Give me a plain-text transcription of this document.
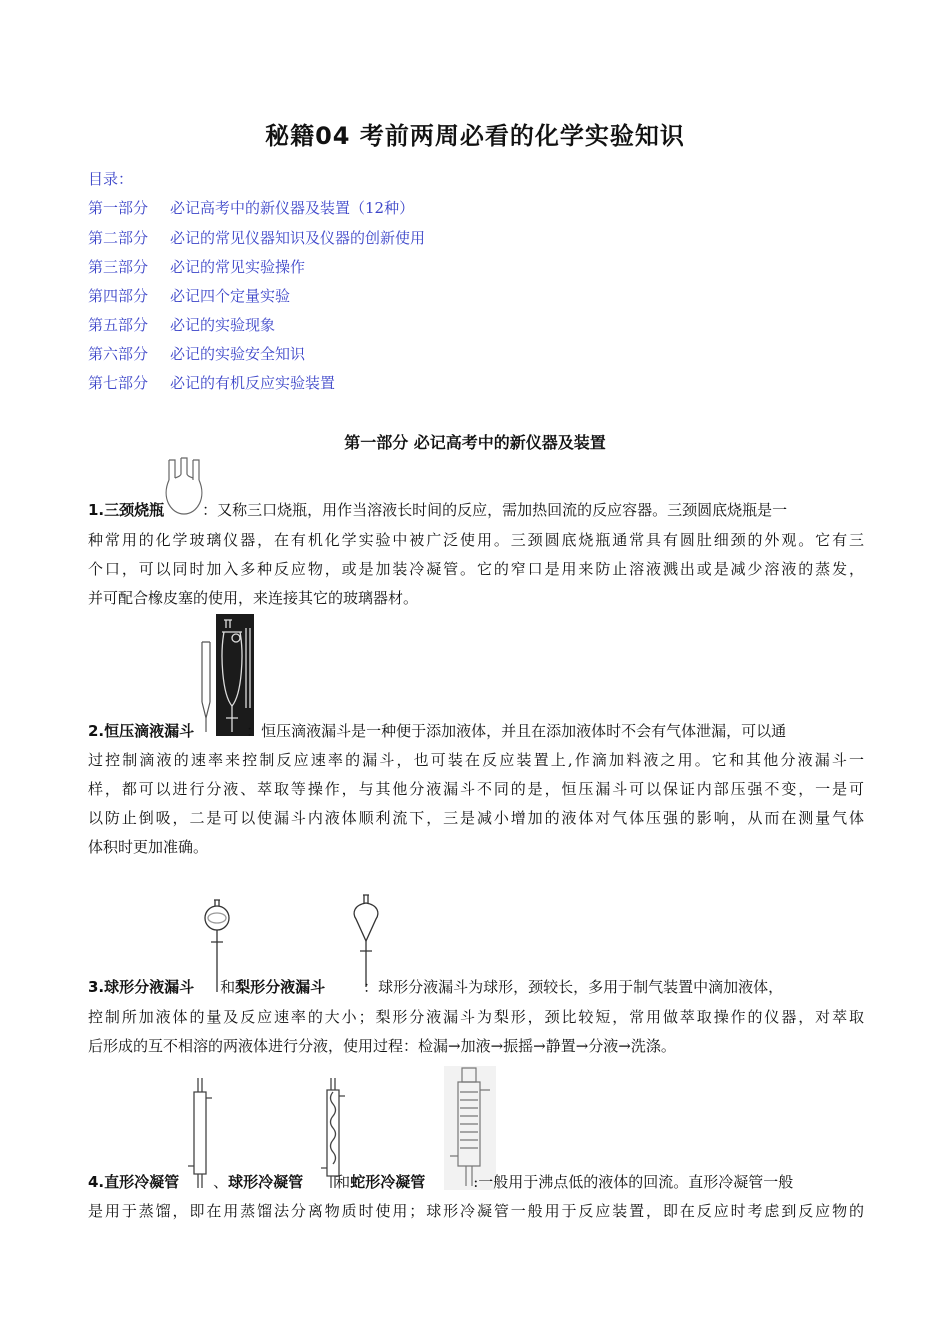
秘籍04 考前两周必看的化学实验知识
目录：
第一部分 必记高考中的新仪器及装置（12种）
第二部分 必记的常见仪器知识及仪器的创新使用
第三部分 必记的常见实验操作
第四部分 必记四个定量实验
第五部分 必记的实验现象
第六部分 必记的实验安全知识
第七部分 必记的有机反应实验装置
第一部分 必记高考中的新仪器及装置
1.三颈烧瓶	：又称三口烧瓶，用作当溶液长时间的反应，需加热回流的反应容器。三颈圆底烧瓶是一
种常用的化学玻璃仪器，在有机化学实验中被广泛使用。三颈圆底烧瓶通常具有圆肚细颈的外观。它有三
个口，可以同时加入多种反应物，或是加装冷凝管。它的窄口是用来防止溶液溅出或是减少溶液的蒸发，
并可配合橡皮塞的使用，来连接其它的玻璃器材。
2.恒压滴液漏斗	：恒压滴液漏斗是一种便于添加液体，并且在添加液体时不会有气体泄漏，可以通
过控制滴液的速率来控制反应速率的漏斗，也可装在反应装置上,作滴加料液之用。它和其他分液漏斗一
样，都可以进行分液、萃取等操作，与其他分液漏斗不同的是，恒压漏斗可以保证内部压强不变，一是可
以防止倒吸，二是可以使漏斗内液体顺利流下，三是减小增加的液体对气体压强的影响，从而在测量气体
体积时更加准确。
3.球形分液漏斗 和梨形分液漏斗	：球形分液漏斗为球形，颈较长，多用于制气装置中滴加液体，
控制所加液体的量及反应速率的大小；梨形分液漏斗为梨形，颈比较短，常用做萃取操作的仪器，对萃取
后形成的互不相溶的两液体进行分液，使用过程：检漏→加液→振摇→静置→分液→洗涤。
4.直形冷凝管 、球形冷凝管 和蛇形冷凝管	:一般用于沸点低的液体的回流。直形冷凝管一般
是用于蒸馏，即在用蒸馏法分离物质时使用；球形冷凝管一般用于反应装置，即在反应时考虑到反应物的
